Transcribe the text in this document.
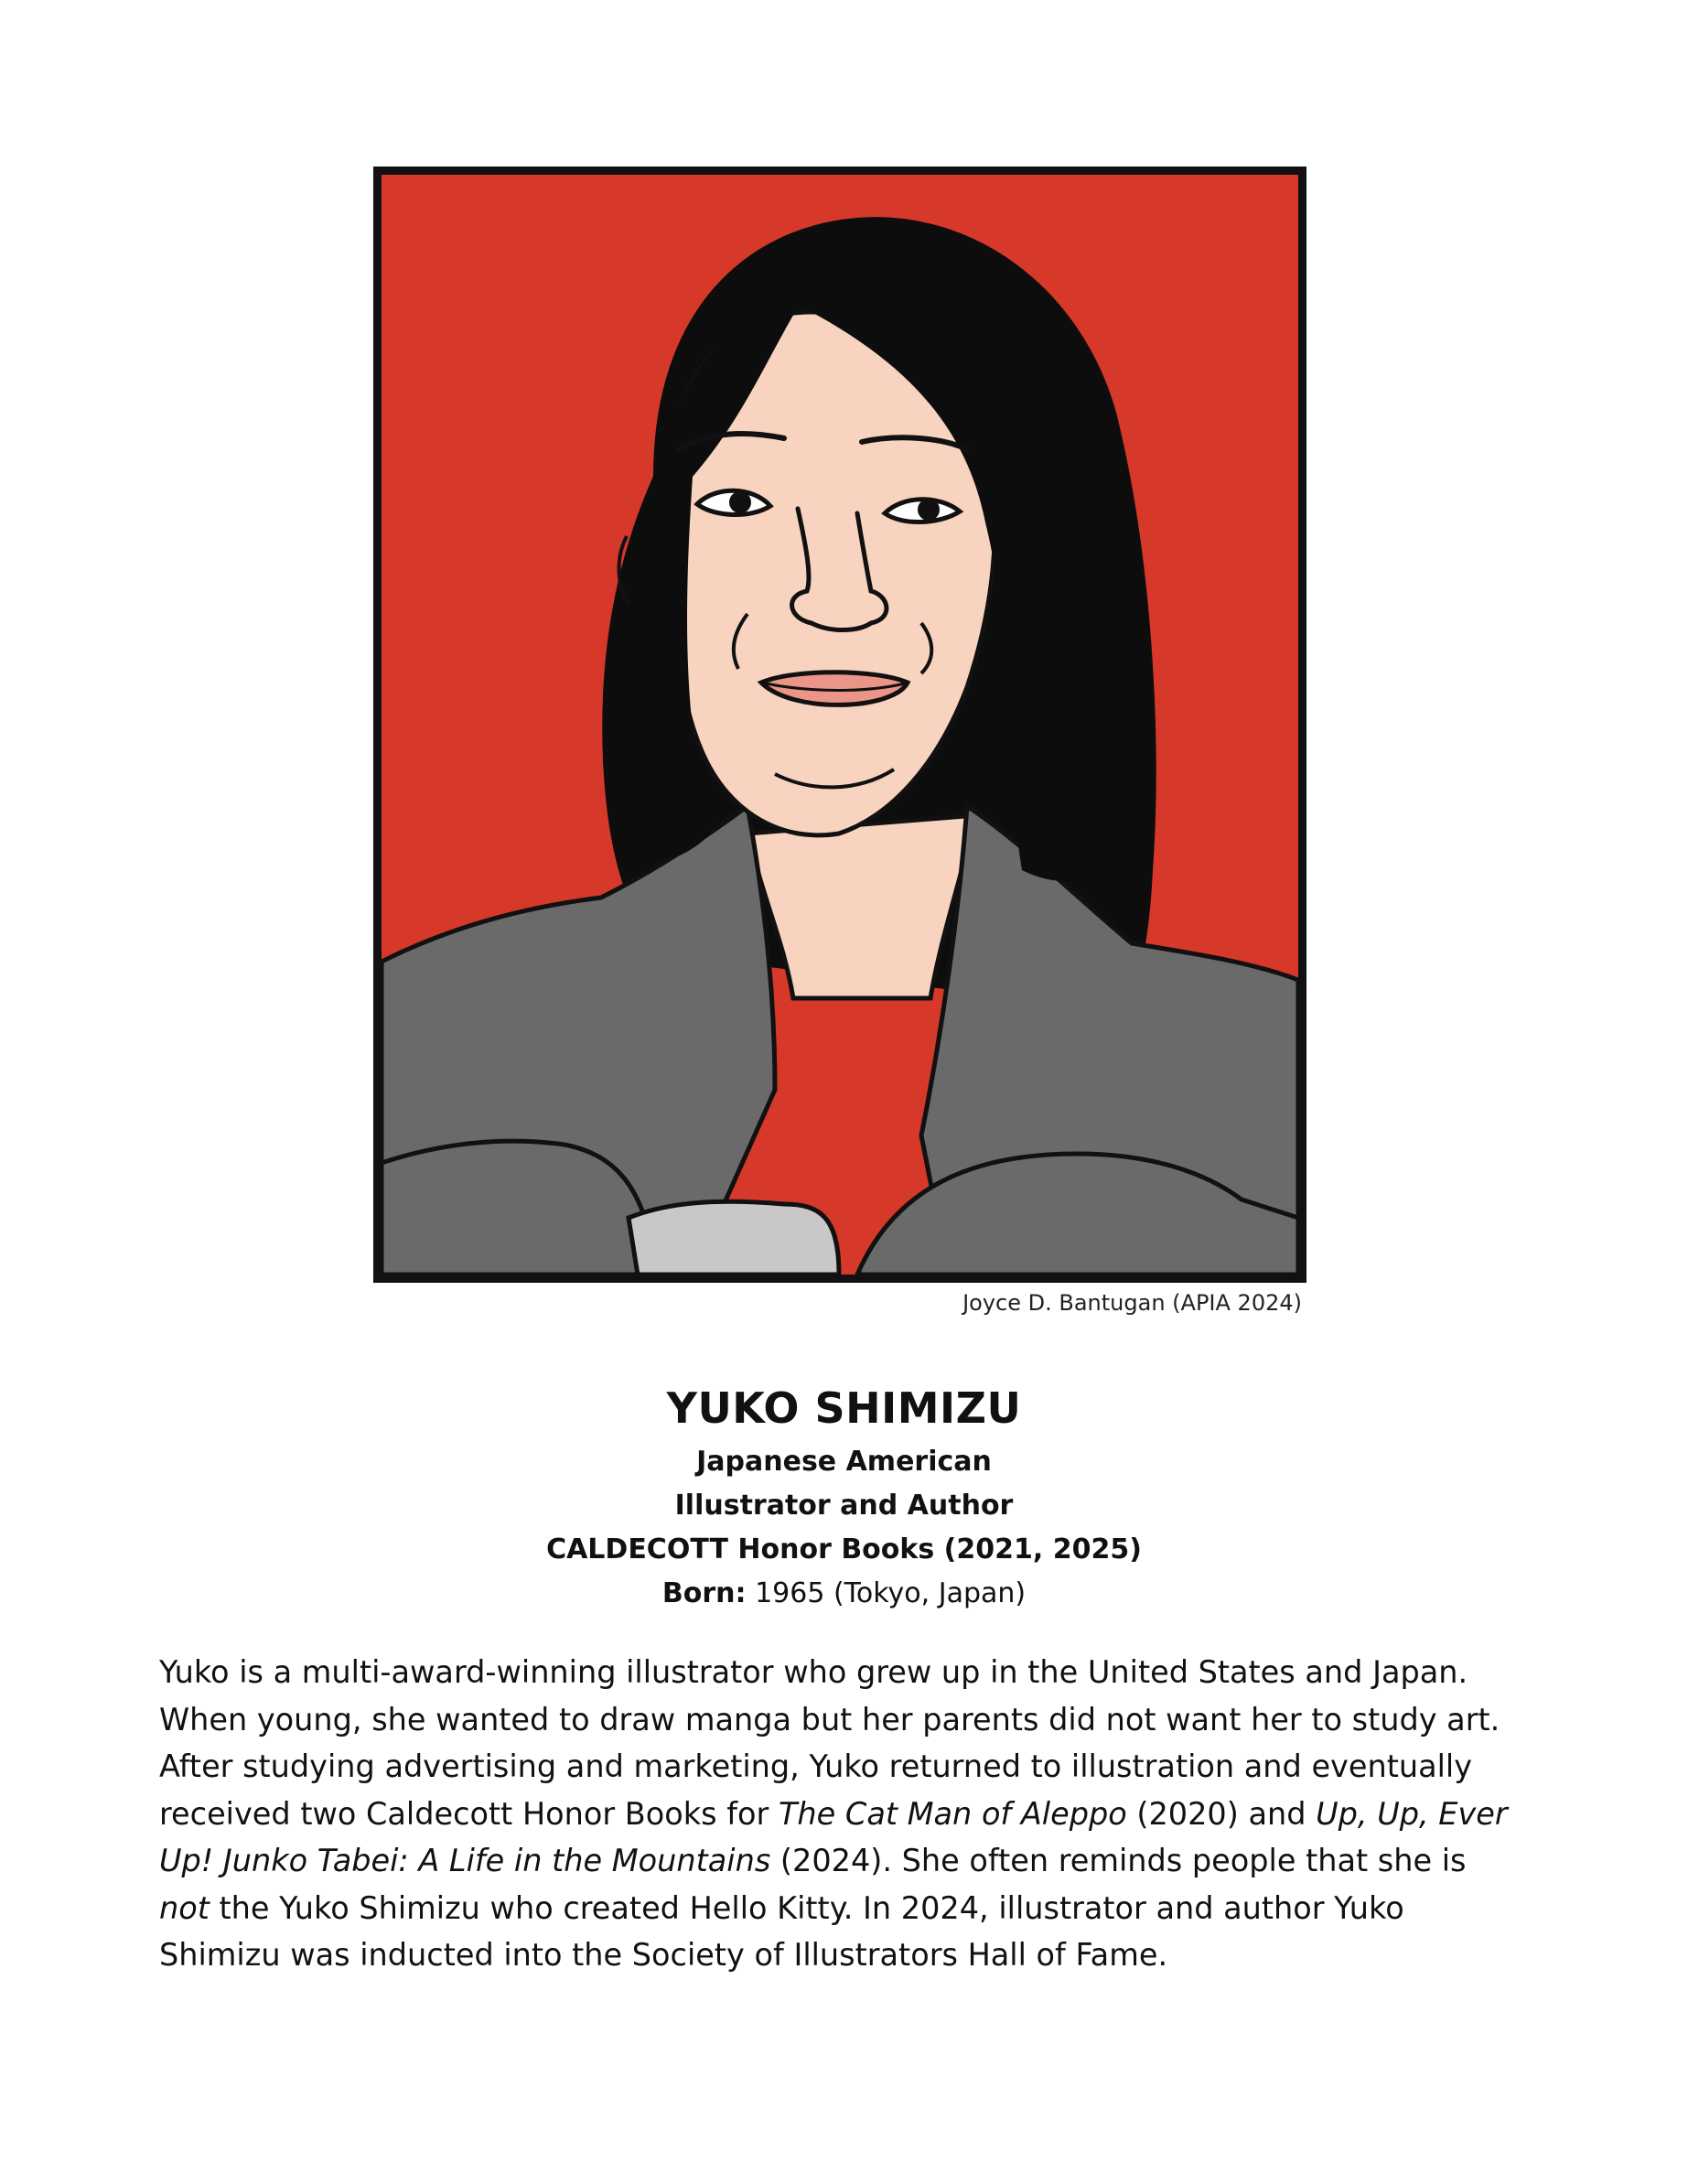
Joyce D. Bantugan (APIA 2024)
YUKO SHIMIZU
Japanese American
Illustrator and Author
CALDECOTT Honor Books (2021, 2025)
Born: 1965 (Tokyo, Japan)

Yuko is a multi-award-winning illustrator who grew up in the United States and Japan.
When young, she wanted to draw manga but her parents did not want her to study art.
After studying advertising and marketing, Yuko returned to illustration and eventually
received two Caldecott Honor Books for The Cat Man of Aleppo (2020) and Up, Up, Ever
Up! Junko Tabei: A Life in the Mountains (2024). She often reminds people that she is
not the Yuko Shimizu who created Hello Kitty. In 2024, illustrator and author Yuko
Shimizu was inducted into the Society of Illustrators Hall of Fame.
